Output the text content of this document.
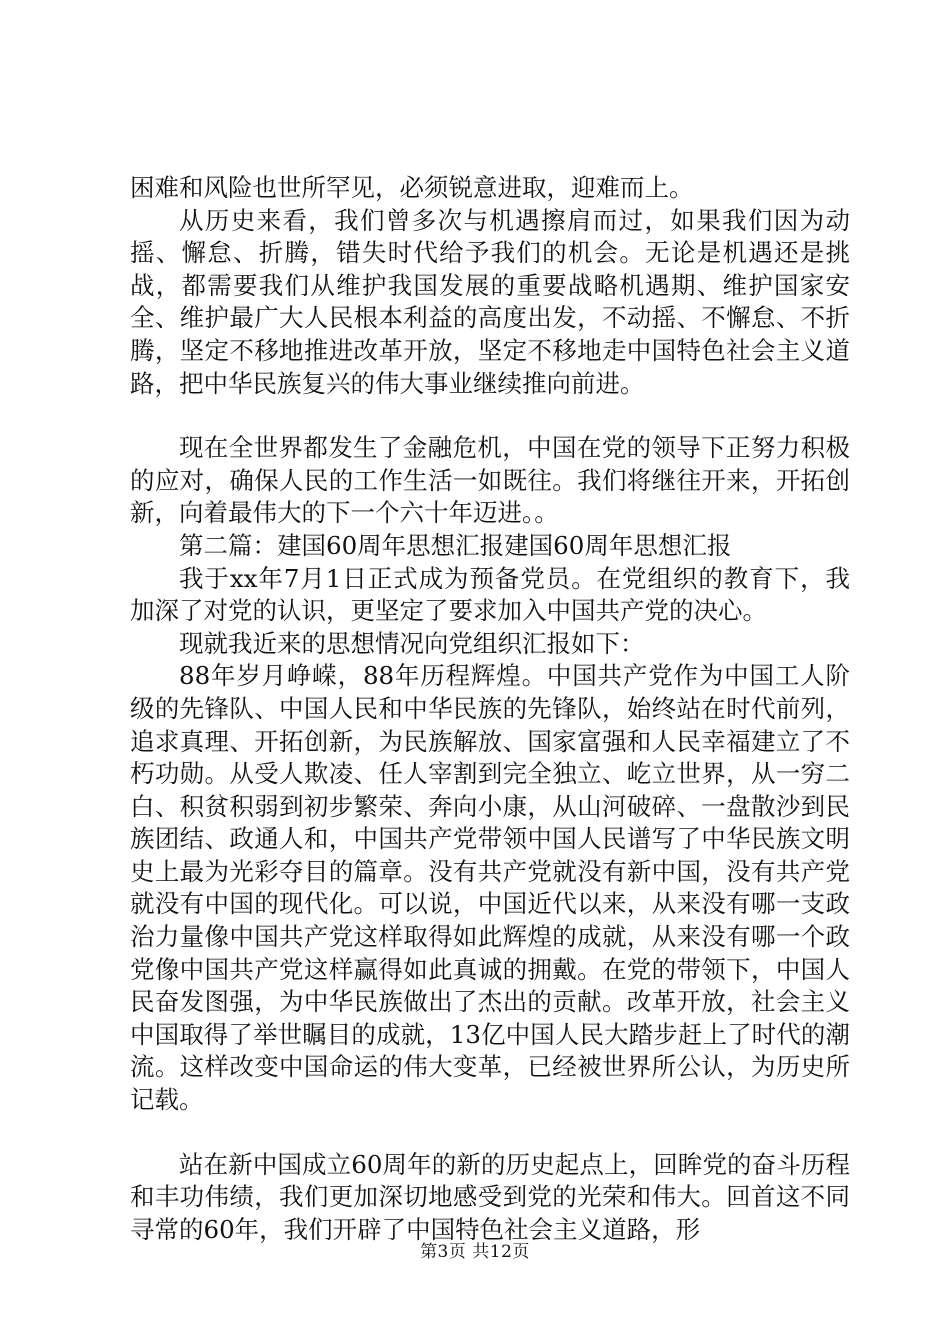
困难和风险也世所罕见，必须锐意进取，迎难而上。

从历史来看，我们曾多次与机遇擦肩而过，如果我们因为动摇、懈怠、折腾，错失时代给予我们的机会。无论是机遇还是挑战，都需要我们从维护我国发展的重要战略机遇期、维护国家安全、维护最广大人民根本利益的高度出发，不动摇、不懈怠、不折腾，坚定不移地推进改革开放，坚定不移地走中国特色社会主义道路，把中华民族复兴的伟大事业继续推向前进。

现在全世界都发生了金融危机，中国在党的领导下正努力积极的应对，确保人民的工作生活一如既往。我们将继往开来，开拓创新，向着最伟大的下一个六十年迈进。。

第二篇：建国60周年思想汇报建国60周年思想汇报

我于xx年7月1日正式成为预备党员。在党组织的教育下，我加深了对党的认识，更坚定了要求加入中国共产党的决心。

现就我近来的思想情况向党组织汇报如下：

88年岁月峥嵘，88年历程辉煌。中国共产党作为中国工人阶级的先锋队、中国人民和中华民族的先锋队，始终站在时代前列，追求真理、开拓创新，为民族解放、国家富强和人民幸福建立了不朽功勋。从受人欺凌、任人宰割到完全独立、屹立世界，从一穷二白、积贫积弱到初步繁荣、奔向小康，从山河破碎、一盘散沙到民族团结、政通人和，中国共产党带领中国人民谱写了中华民族文明史上最为光彩夺目的篇章。没有共产党就没有新中国，没有共产党就没有中国的现代化。可以说，中国近代以来，从来没有哪一支政治力量像中国共产党这样取得如此辉煌的成就，从来没有哪一个政党像中国共产党这样赢得如此真诚的拥戴。在党的带领下，中国人民奋发图强，为中华民族做出了杰出的贡献。改革开放，社会主义中国取得了举世瞩目的成就，13亿中国人民大踏步赶上了时代的潮流。这样改变中国命运的伟大变革，已经被世界所公认，为历史所记载。

站在新中国成立60周年的新的历史起点上，回眸党的奋斗历程和丰功伟绩，我们更加深切地感受到党的光荣和伟大。回首这不同寻常的60年，我们开辟了中国特色社会主义道路，形

第3页 共12页
